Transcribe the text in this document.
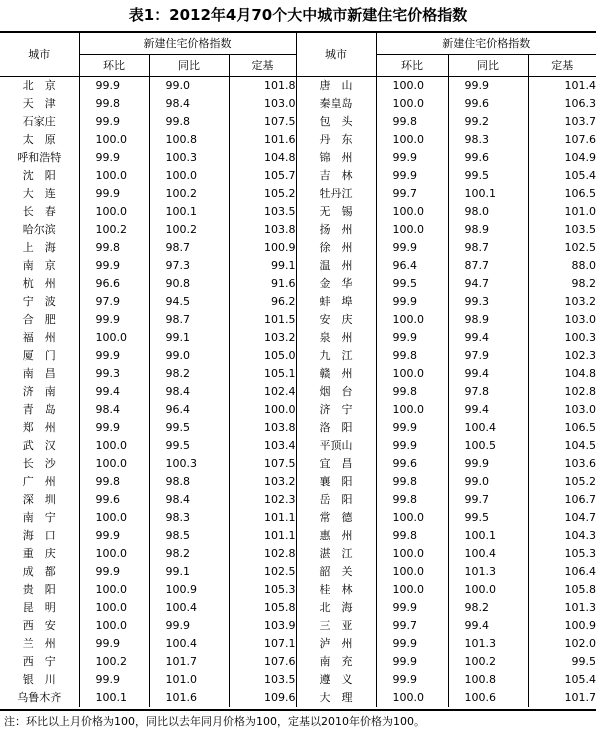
表1：2012年4月70个大中城市新建住宅价格指数
城市	新建住宅价格指数			城市	新建住宅价格指数		
	环比	同比	定基		环比	同比	定基
北　京	99.9	99.0	101.8	唐　山	100.0	99.9	101.4
天　津	99.8	98.4	103.0	秦皇岛	100.0	99.6	106.3
石家庄	99.9	99.8	107.5	包　头	99.8	99.2	103.7
太　原	100.0	100.8	101.6	丹　东	100.0	98.3	107.6
呼和浩特	99.9	100.3	104.8	锦　州	99.9	99.6	104.9
沈　阳	100.0	100.0	105.7	吉　林	99.9	99.5	105.4
大　连	99.9	100.2	105.2	牡丹江	99.7	100.1	106.5
长　春	100.0	100.1	103.5	无　锡	100.0	98.0	101.0
哈尔滨	100.2	100.2	103.8	扬　州	100.0	98.9	103.5
上　海	99.8	98.7	100.9	徐　州	99.9	98.7	102.5
南　京	99.9	97.3	99.1	温　州	96.4	87.7	88.0
杭　州	96.6	90.8	91.6	金　华	99.5	94.7	98.2
宁　波	97.9	94.5	96.2	蚌　埠	99.9	99.3	103.2
合　肥	99.9	98.7	101.5	安　庆	100.0	98.9	103.0
福　州	100.0	99.1	103.2	泉　州	99.9	99.4	100.3
厦　门	99.9	99.0	105.0	九　江	99.8	97.9	102.3
南　昌	99.3	98.2	105.1	赣　州	100.0	99.4	104.8
济　南	99.4	98.4	102.4	烟　台	99.8	97.8	102.8
青　岛	98.4	96.4	100.0	济　宁	100.0	99.4	103.0
郑　州	99.9	99.5	103.8	洛　阳	99.9	100.4	106.5
武　汉	100.0	99.5	103.4	平顶山	99.9	100.5	104.5
长　沙	100.0	100.3	107.5	宜　昌	99.6	99.9	103.6
广　州	99.8	98.8	103.2	襄　阳	99.8	99.0	105.2
深　圳	99.6	98.4	102.3	岳　阳	99.8	99.7	106.7
南　宁	100.0	98.3	101.1	常　德	100.0	99.5	104.7
海　口	99.9	98.5	101.1	惠　州	99.8	100.1	104.3
重　庆	100.0	98.2	102.8	湛　江	100.0	100.4	105.3
成　都	99.9	99.1	102.5	韶　关	100.0	101.3	106.4
贵　阳	100.0	100.9	105.3	桂　林	100.0	100.0	105.8
昆　明	100.0	100.4	105.8	北　海	99.9	98.2	101.3
西　安	100.0	99.9	103.9	三　亚	99.7	99.4	100.9
兰　州	99.9	100.4	107.1	泸　州	99.9	101.3	102.0
西　宁	100.2	101.7	107.6	南　充	99.9	100.2	99.5
银　川	99.9	101.0	103.5	遵　义	99.9	100.8	105.4
乌鲁木齐	100.1	101.6	109.6	大　理	100.0	100.6	101.7
注：环比以上月价格为100，同比以去年同月价格为100，定基以2010年价格为100。
